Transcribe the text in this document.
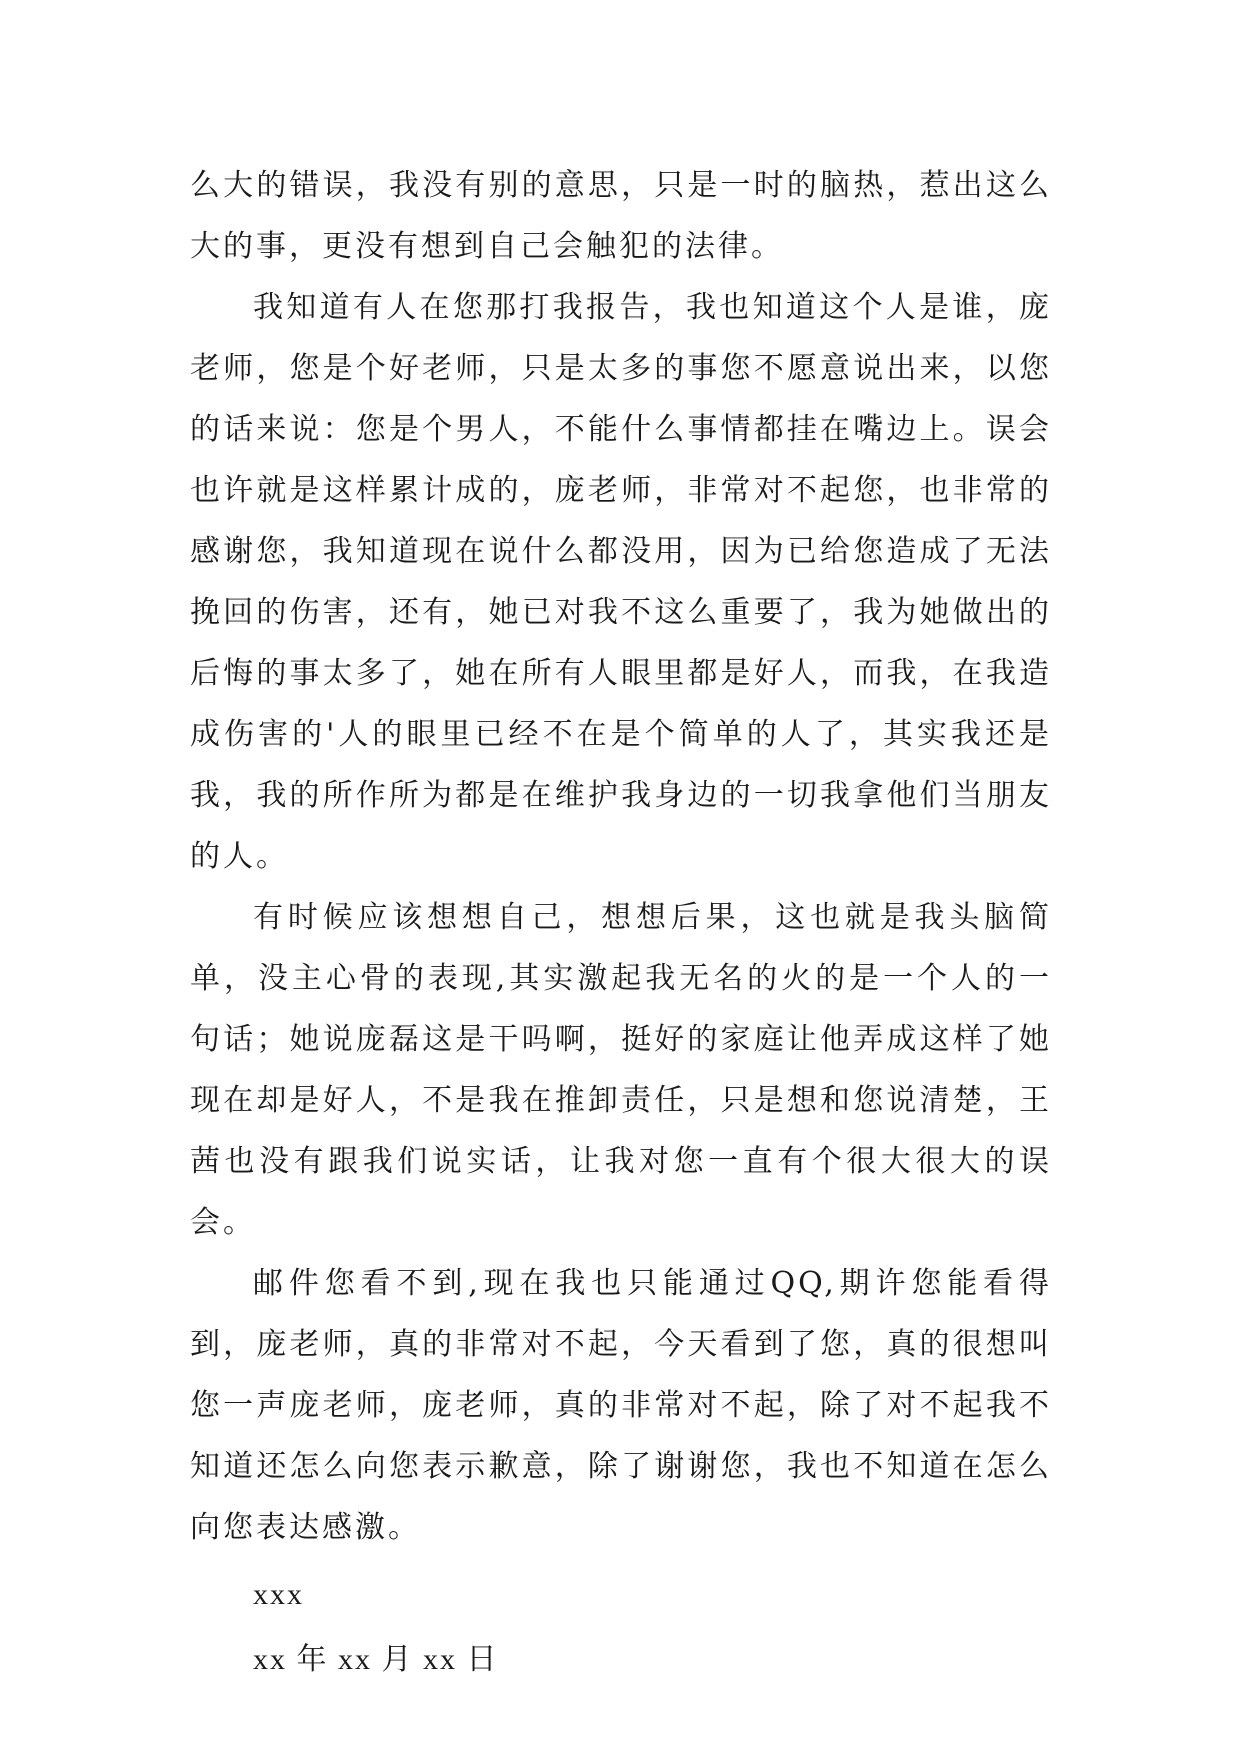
么大的错误，我没有别的意思，只是一时的脑热，惹出这么大的事，更没有想到自己会触犯的法律。

我知道有人在您那打我报告，我也知道这个人是谁，庞老师，您是个好老师，只是太多的事您不愿意说出来，以您的话来说：您是个男人，不能什么事情都挂在嘴边上。误会也许就是这样累计成的，庞老师，非常对不起您，也非常的感谢您，我知道现在说什么都没用，因为已给您造成了无法挽回的伤害，还有，她已对我不这么重要了，我为她做出的后悔的事太多了，她在所有人眼里都是好人，而我，在我造成伤害的'人的眼里已经不在是个简单的人了，其实我还是我，我的所作所为都是在维护我身边的一切我拿他们当朋友的人。

有时候应该想想自己，想想后果，这也就是我头脑简单，没主心骨的表现,其实激起我无名的火的是一个人的一句话；她说庞磊这是干吗啊，挺好的家庭让他弄成这样了她现在却是好人，不是我在推卸责任，只是想和您说清楚，王茜也没有跟我们说实话，让我对您一直有个很大很大的误会。

邮件您看不到,现在我也只能通过QQ,期许您能看得到，庞老师，真的非常对不起，今天看到了您，真的很想叫您一声庞老师，庞老师，真的非常对不起，除了对不起我不知道还怎么向您表示歉意，除了谢谢您，我也不知道在怎么向您表达感激。

xxx

xx 年 xx 月 xx 日
